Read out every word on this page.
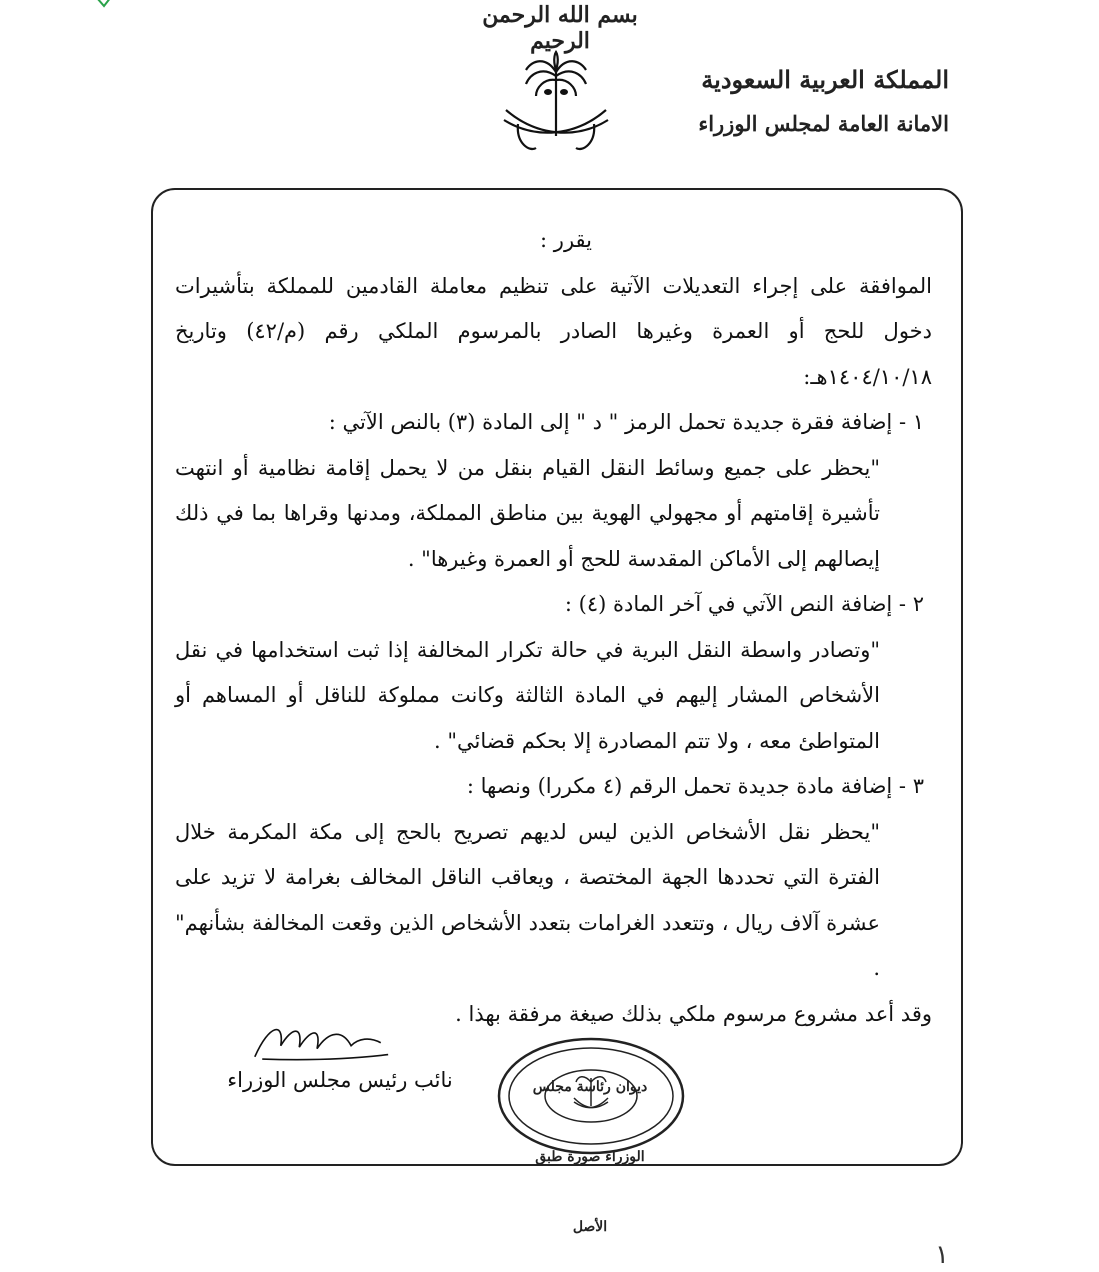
بسم الله الرحمن الرحيم
المملكة العربية السعودية
الامانة العامة لمجلس الوزراء

يقرر :

الموافقة على إجراء التعديلات الآتية على تنظيم معاملة القادمين للمملكة بتأشيرات دخول للحج أو العمرة وغيرها الصادر بالمرسوم الملكي رقم (م/٤٢) وتاريخ ١٤٠٤/١٠/١٨هـ:

١ - إضافة فقرة جديدة تحمل الرمز " د " إلى المادة (٣) بالنص الآتي :

"يحظر على جميع وسائط النقل القيام بنقل من لا يحمل إقامة نظامية أو انتهت تأشيرة إقامتهم أو مجهولي الهوية بين مناطق المملكة، ومدنها وقراها بما في ذلك إيصالهم إلى الأماكن المقدسة للحج أو العمرة وغيرها" .

٢ - إضافة النص الآتي في آخر المادة (٤) :

"وتصادر واسطة النقل البرية في حالة تكرار المخالفة إذا ثبت استخدامها في نقل الأشخاص المشار إليهم في المادة الثالثة وكانت مملوكة للناقل أو المساهم أو المتواطئ معه ، ولا تتم المصادرة إلا بحكم قضائي" .

٣ - إضافة مادة جديدة تحمل الرقم (٤ مكررا) ونصها :

"يحظر نقل الأشخاص الذين ليس لديهم تصريح بالحج إلى مكة المكرمة خلال الفترة التي تحددها الجهة المختصة ، ويعاقب الناقل المخالف بغرامة لا تزيد على عشرة آلاف ريال ، وتتعدد الغرامات بتعدد الأشخاص الذين وقعت المخالفة بشأنهم" .

وقد أعد مشروع مرسوم ملكي بذلك صيغة مرفقة بهذا .

نائب رئيس مجلس الوزراء	ديوان رئاسة مجلس الوزراء صورة طبق الأصل
١
